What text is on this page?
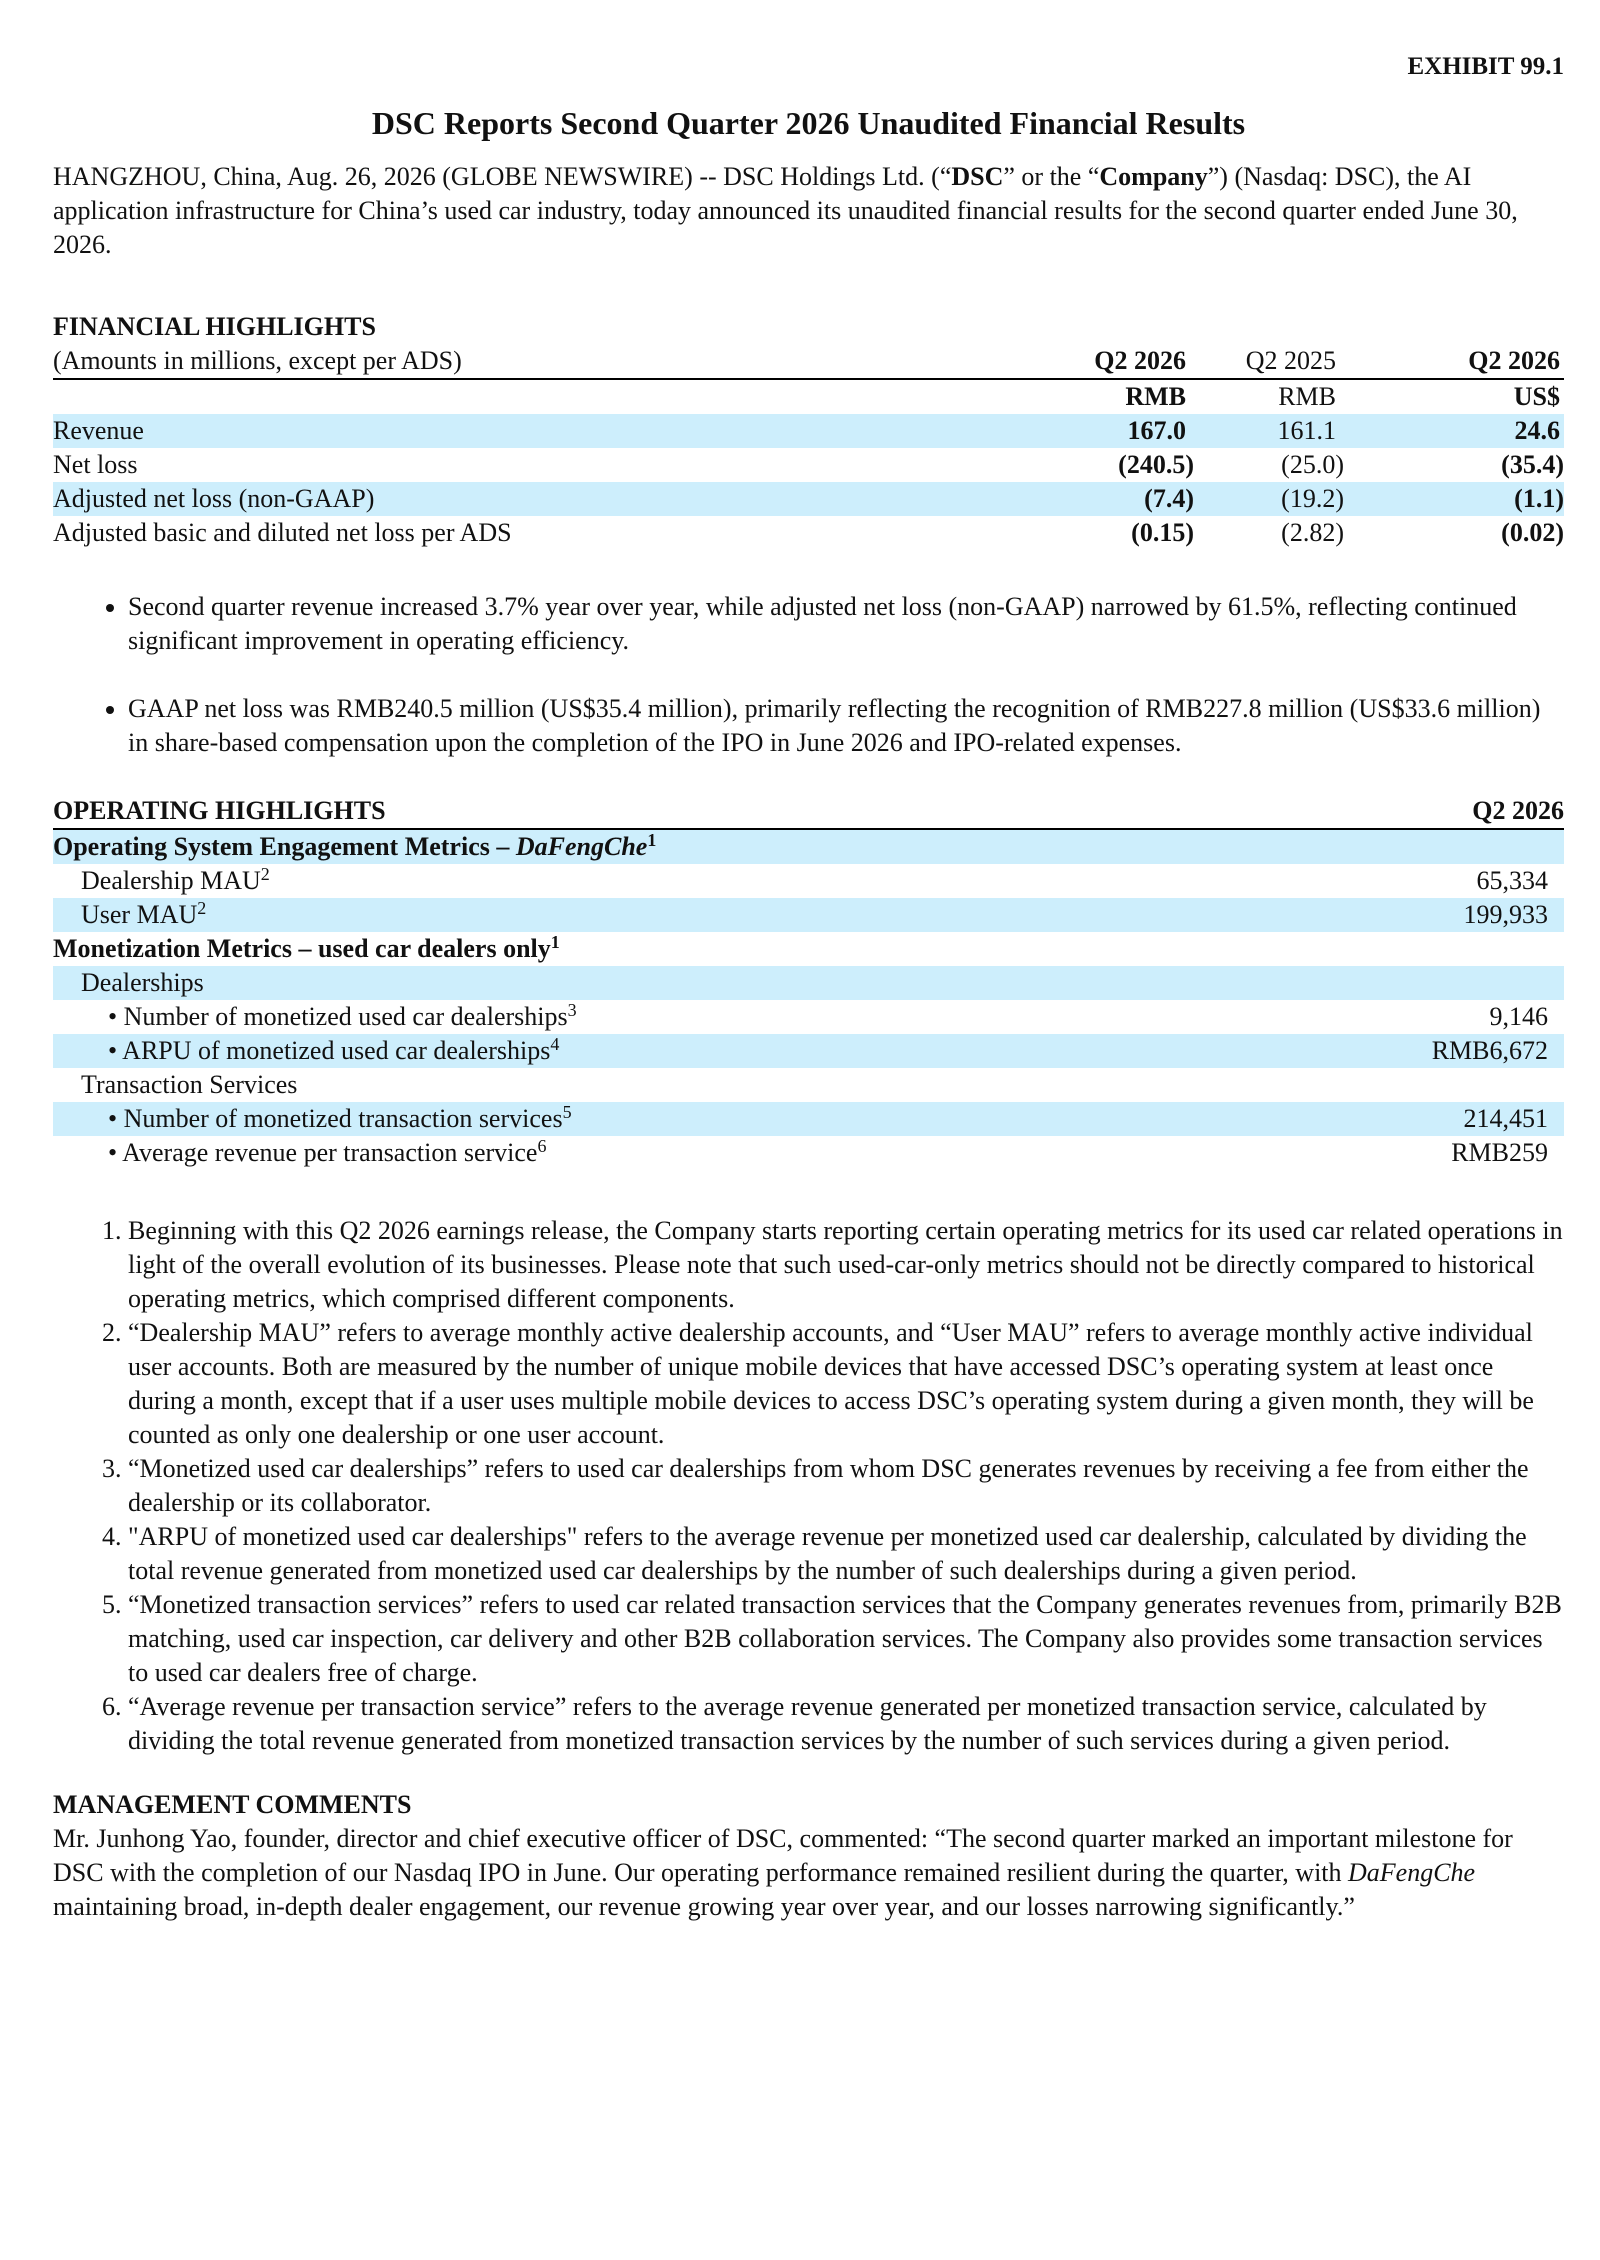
EXHIBIT 99.1
DSC Reports Second Quarter 2026 Unaudited Financial Results
HANGZHOU, China, Aug. 26, 2026 (GLOBE NEWSWIRE) -- DSC Holdings Ltd. (“DSC” or the “Company”) (Nasdaq: DSC), the AI application infrastructure for China’s used car industry, today announced its unaudited financial results for the second quarter ended June 30, 2026.
FINANCIAL HIGHLIGHTS
(Amounts in millions, except per ADS)	Q2 2026	Q2 2025	Q2 2026
	RMB	RMB	US$
Revenue	167.0	161.1	24.6
Net loss	(240.5)	(25.0)	(35.4)
Adjusted net loss (non-GAAP)	(7.4)	(19.2)	(1.1)
Adjusted basic and diluted net loss per ADS	(0.15)	(2.82)	(0.02)
• Second quarter revenue increased 3.7% year over year, while adjusted net loss (non-GAAP) narrowed by 61.5%, reflecting continued significant improvement in operating efficiency.
• GAAP net loss was RMB240.5 million (US$35.4 million), primarily reflecting the recognition of RMB227.8 million (US$33.6 million) in share-based compensation upon the completion of the IPO in June 2026 and IPO-related expenses.
OPERATING HIGHLIGHTS	Q2 2026
Operating System Engagement Metrics – DaFengChe$^1$
Dealership MAU$^2$	65,334
User MAU$^2$	199,933
Monetization Metrics – used car dealers only$^1$
Dealerships	
• Number of monetized used car dealerships$^3$	9,146
• ARPU of monetized used car dealerships$^4$	RMB6,672
Transaction Services	
• Number of monetized transaction services$^5$	214,451
• Average revenue per transaction service$^6$	RMB259
1. Beginning with this Q2 2026 earnings release, the Company starts reporting certain operating metrics for its used car related operations in light of the overall evolution of its businesses. Please note that such used-car-only metrics should not be directly compared to historical operating metrics, which comprised different components.
2. “Dealership MAU” refers to average monthly active dealership accounts, and “User MAU” refers to average monthly active individual user accounts. Both are measured by the number of unique mobile devices that have accessed DSC’s operating system at least once during a month, except that if a user uses multiple mobile devices to access DSC’s operating system during a given month, they will be counted as only one dealership or one user account.
3. “Monetized used car dealerships” refers to used car dealerships from whom DSC generates revenues by receiving a fee from either the dealership or its collaborator.
4. "ARPU of monetized used car dealerships" refers to the average revenue per monetized used car dealership, calculated by dividing the total revenue generated from monetized used car dealerships by the number of such dealerships during a given period.
5. “Monetized transaction services” refers to used car related transaction services that the Company generates revenues from, primarily B2B matching, used car inspection, car delivery and other B2B collaboration services. The Company also provides some transaction services to used car dealers free of charge.
6. “Average revenue per transaction service” refers to the average revenue generated per monetized transaction service, calculated by dividing the total revenue generated from monetized transaction services by the number of such services during a given period.
MANAGEMENT COMMENTS
Mr. Junhong Yao, founder, director and chief executive officer of DSC, commented: “The second quarter marked an important milestone for DSC with the completion of our Nasdaq IPO in June. Our operating performance remained resilient during the quarter, with DaFengChe maintaining broad, in-depth dealer engagement, our revenue growing year over year, and our losses narrowing significantly.”
